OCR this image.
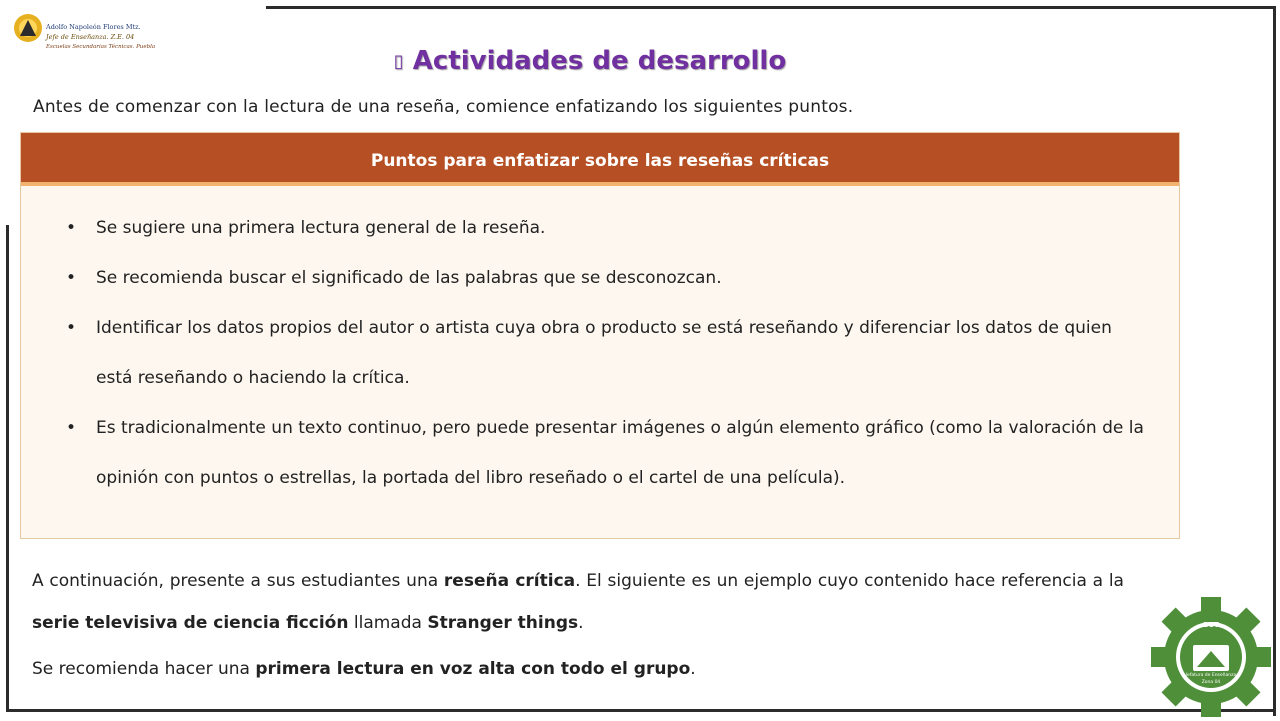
Adolfo Napoleón Flores Mtz.
Jefe de Enseñanza. Z.E. 04
Escuelas Secundarias Técnicas. Puebla
▯ Actividades de desarrollo
Antes de comenzar con la lectura de una reseña, comience enfatizando los siguientes puntos.
Puntos para enfatizar sobre las reseñas críticas
• Se sugiere una primera lectura general de la reseña.
• Se recomienda buscar el significado de las palabras que se desconozcan.
• Identificar los datos propios del autor o artista cuya obra o producto se está reseñando y diferenciar los datos de quien está reseñando o haciendo la crítica.
• Es tradicionalmente un texto continuo, pero puede presentar imágenes o algún elemento gráfico (como la valoración de la opinión con puntos o estrellas, la portada del libro reseñado o el cartel de una película).
A continuación, presente a sus estudiantes una reseña crítica. El siguiente es un ejemplo cuyo contenido hace referencia a la serie televisiva de ciencia ficción llamada Stranger things.
Se recomienda hacer una primera lectura en voz alta con todo el grupo.
DST
Jefatura de Enseñanza
Zona 04
